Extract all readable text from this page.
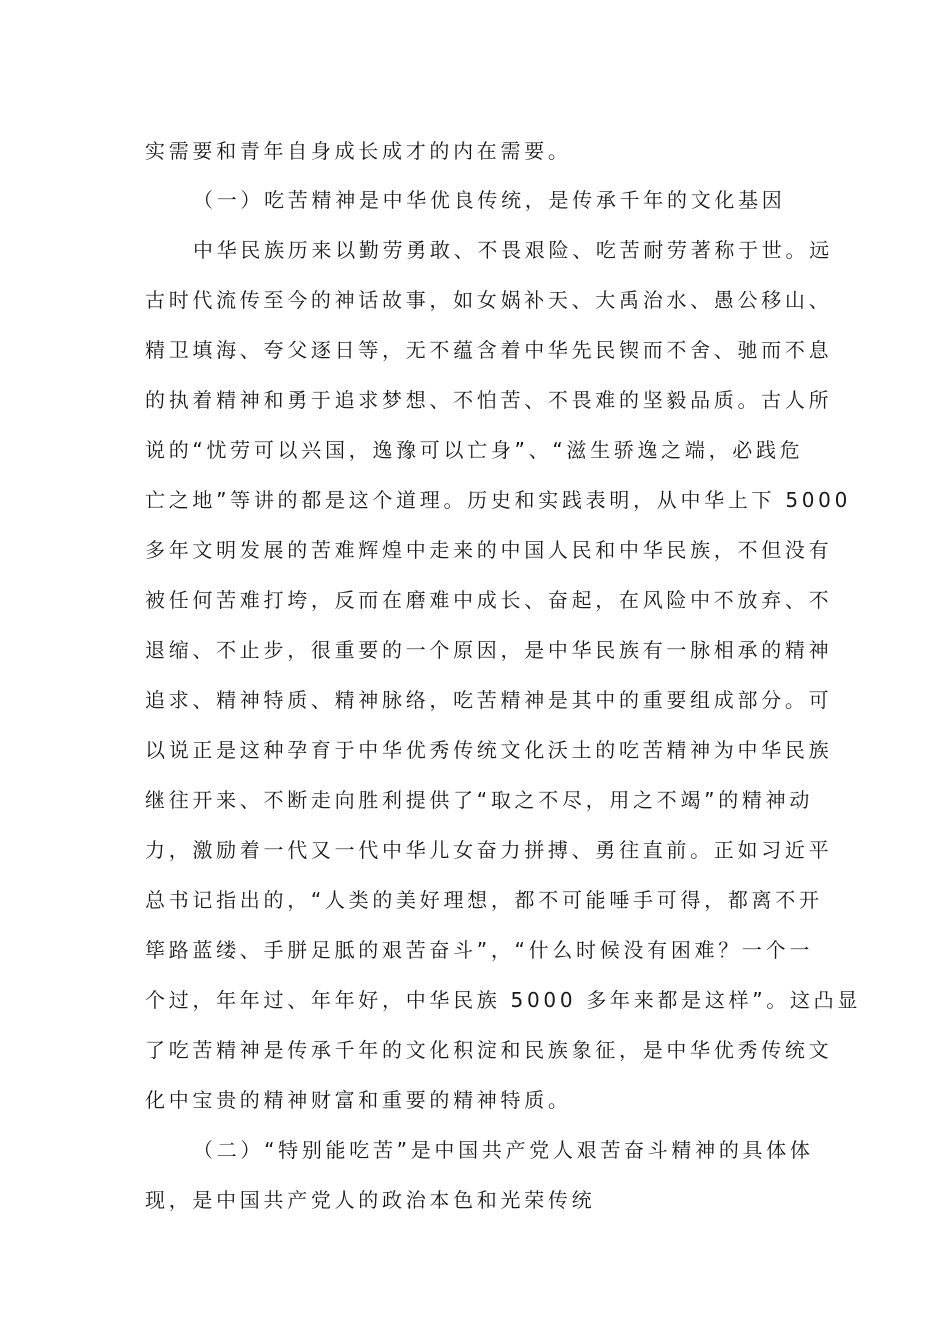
实需要和青年自身成长成才的内在需要。
（一）吃苦精神是中华优良传统，是传承千年的文化基因
中华民族历来以勤劳勇敢、不畏艰险、吃苦耐劳著称于世。远
古时代流传至今的神话故事，如女娲补天、大禹治水、愚公移山、
精卫填海、夸父逐日等，无不蕴含着中华先民锲而不舍、驰而不息
的执着精神和勇于追求梦想、不怕苦、不畏难的坚毅品质。古人所
说的“忧劳可以兴国，逸豫可以亡身”、“滋生骄逸之端，必践危
亡之地”等讲的都是这个道理。历史和实践表明，从中华上下 5000
多年文明发展的苦难辉煌中走来的中国人民和中华民族，不但没有
被任何苦难打垮，反而在磨难中成长、奋起，在风险中不放弃、不
退缩、不止步，很重要的一个原因，是中华民族有一脉相承的精神
追求、精神特质、精神脉络，吃苦精神是其中的重要组成部分。可
以说正是这种孕育于中华优秀传统文化沃土的吃苦精神为中华民族
继往开来、不断走向胜利提供了“取之不尽，用之不竭”的精神动
力，激励着一代又一代中华儿女奋力拼搏、勇往直前。正如习近平
总书记指出的，“人类的美好理想，都不可能唾手可得，都离不开
筚路蓝缕、手胼足胝的艰苦奋斗”，“什么时候没有困难？一个一
个过，年年过、年年好，中华民族 5000 多年来都是这样”。这凸显
了吃苦精神是传承千年的文化积淀和民族象征，是中华优秀传统文
化中宝贵的精神财富和重要的精神特质。
（二）“特别能吃苦”是中国共产党人艰苦奋斗精神的具体体
现，是中国共产党人的政治本色和光荣传统
